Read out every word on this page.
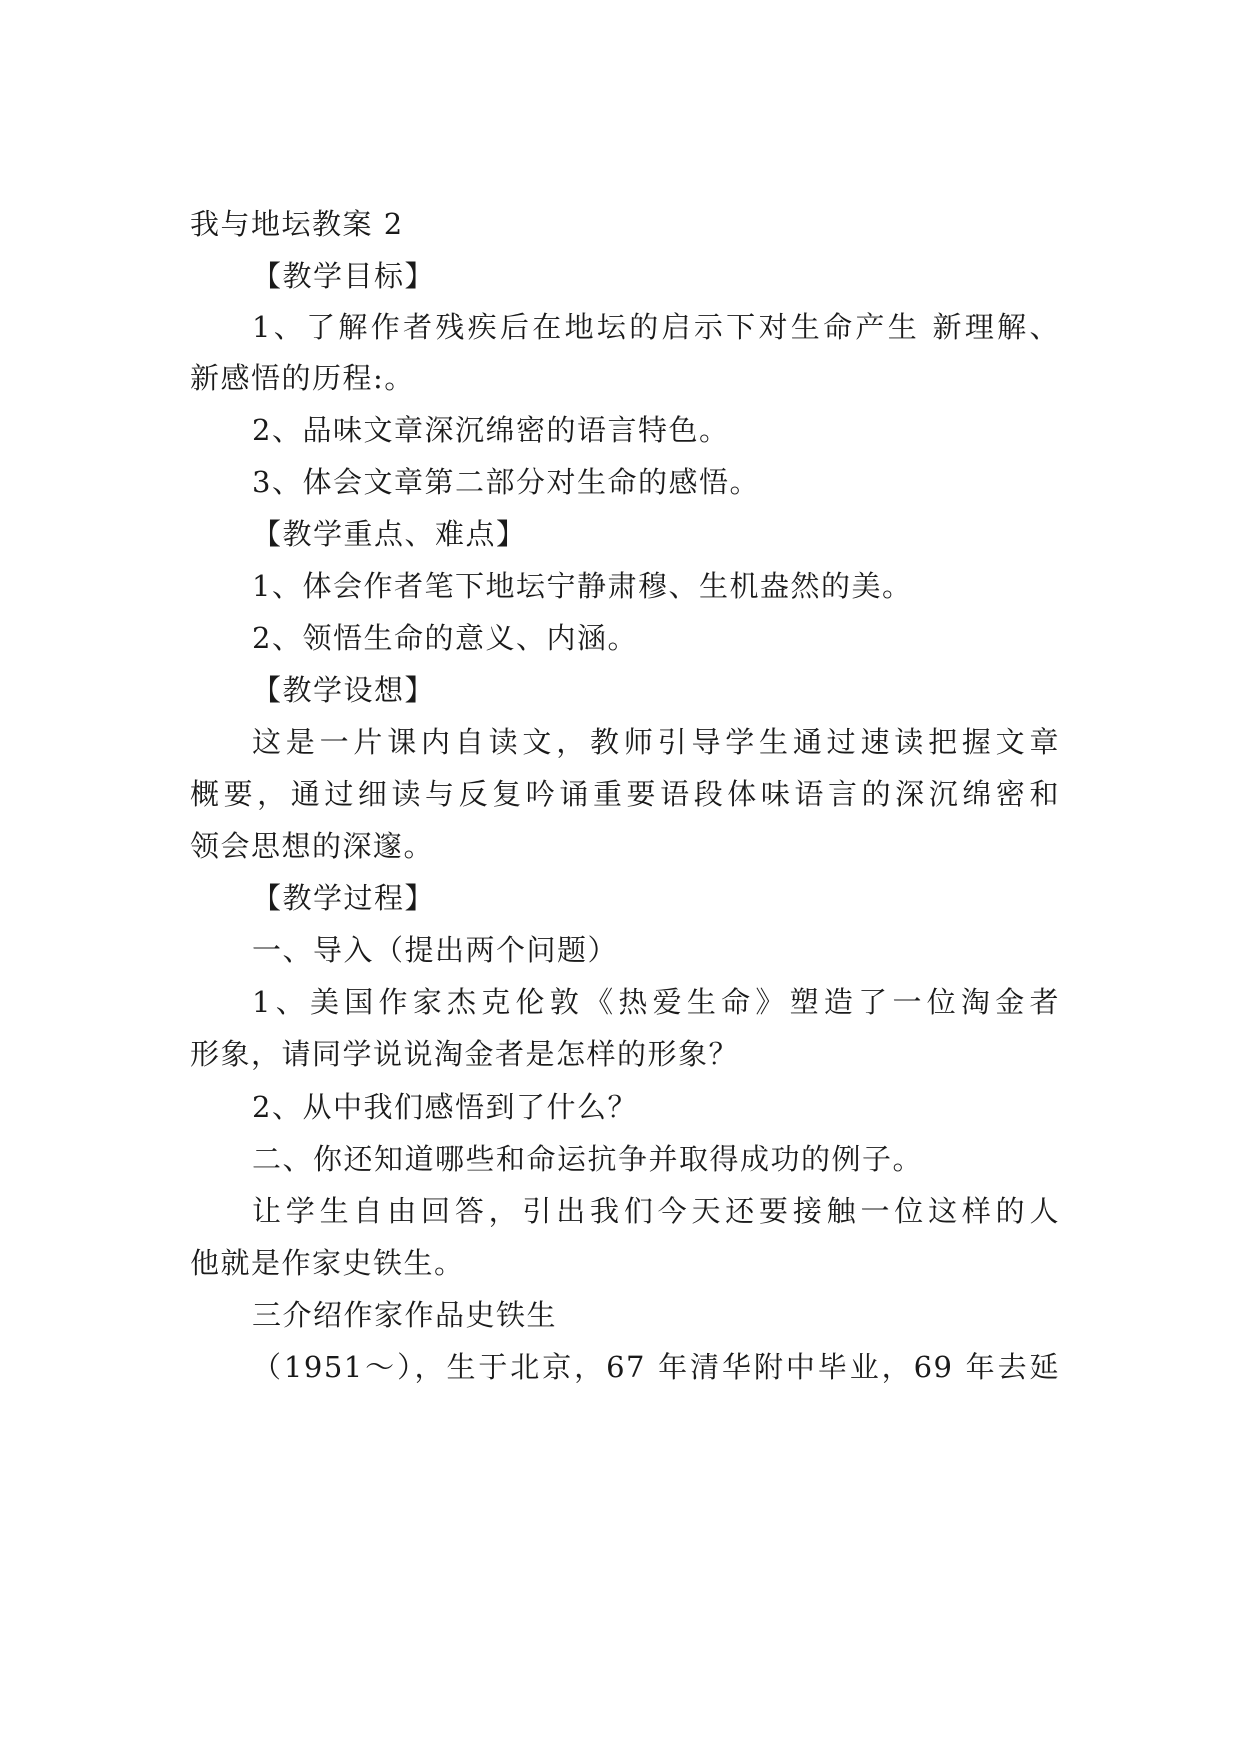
我与地坛教案 2
【教学目标】
1、了解作者残疾后在地坛的启示下对生命产生 新理解、
新感悟的历程:。
2、品味文章深沉绵密的语言特色。
3、体会文章第二部分对生命的感悟。
【教学重点、难点】
1、体会作者笔下地坛宁静肃穆、生机盎然的美。
2、领悟生命的意义、内涵。
【教学设想】
这是一片课内自读文，教师引导学生通过速读把握文章
概要，通过细读与反复吟诵重要语段体味语言的深沉绵密和
领会思想的深邃。
【教学过程】
一、导入（提出两个问题）
1、美国作家杰克伦敦《热爱生命》塑造了一位淘金者
形象，请同学说说淘金者是怎样的形象？
2、从中我们感悟到了什么？
二、你还知道哪些和命运抗争并取得成功的例子。
让学生自由回答，引出我们今天还要接触一位这样的人
他就是作家史铁生。
三介绍作家作品史铁生
（1951～），生于北京，67 年清华附中毕业，69 年去延
